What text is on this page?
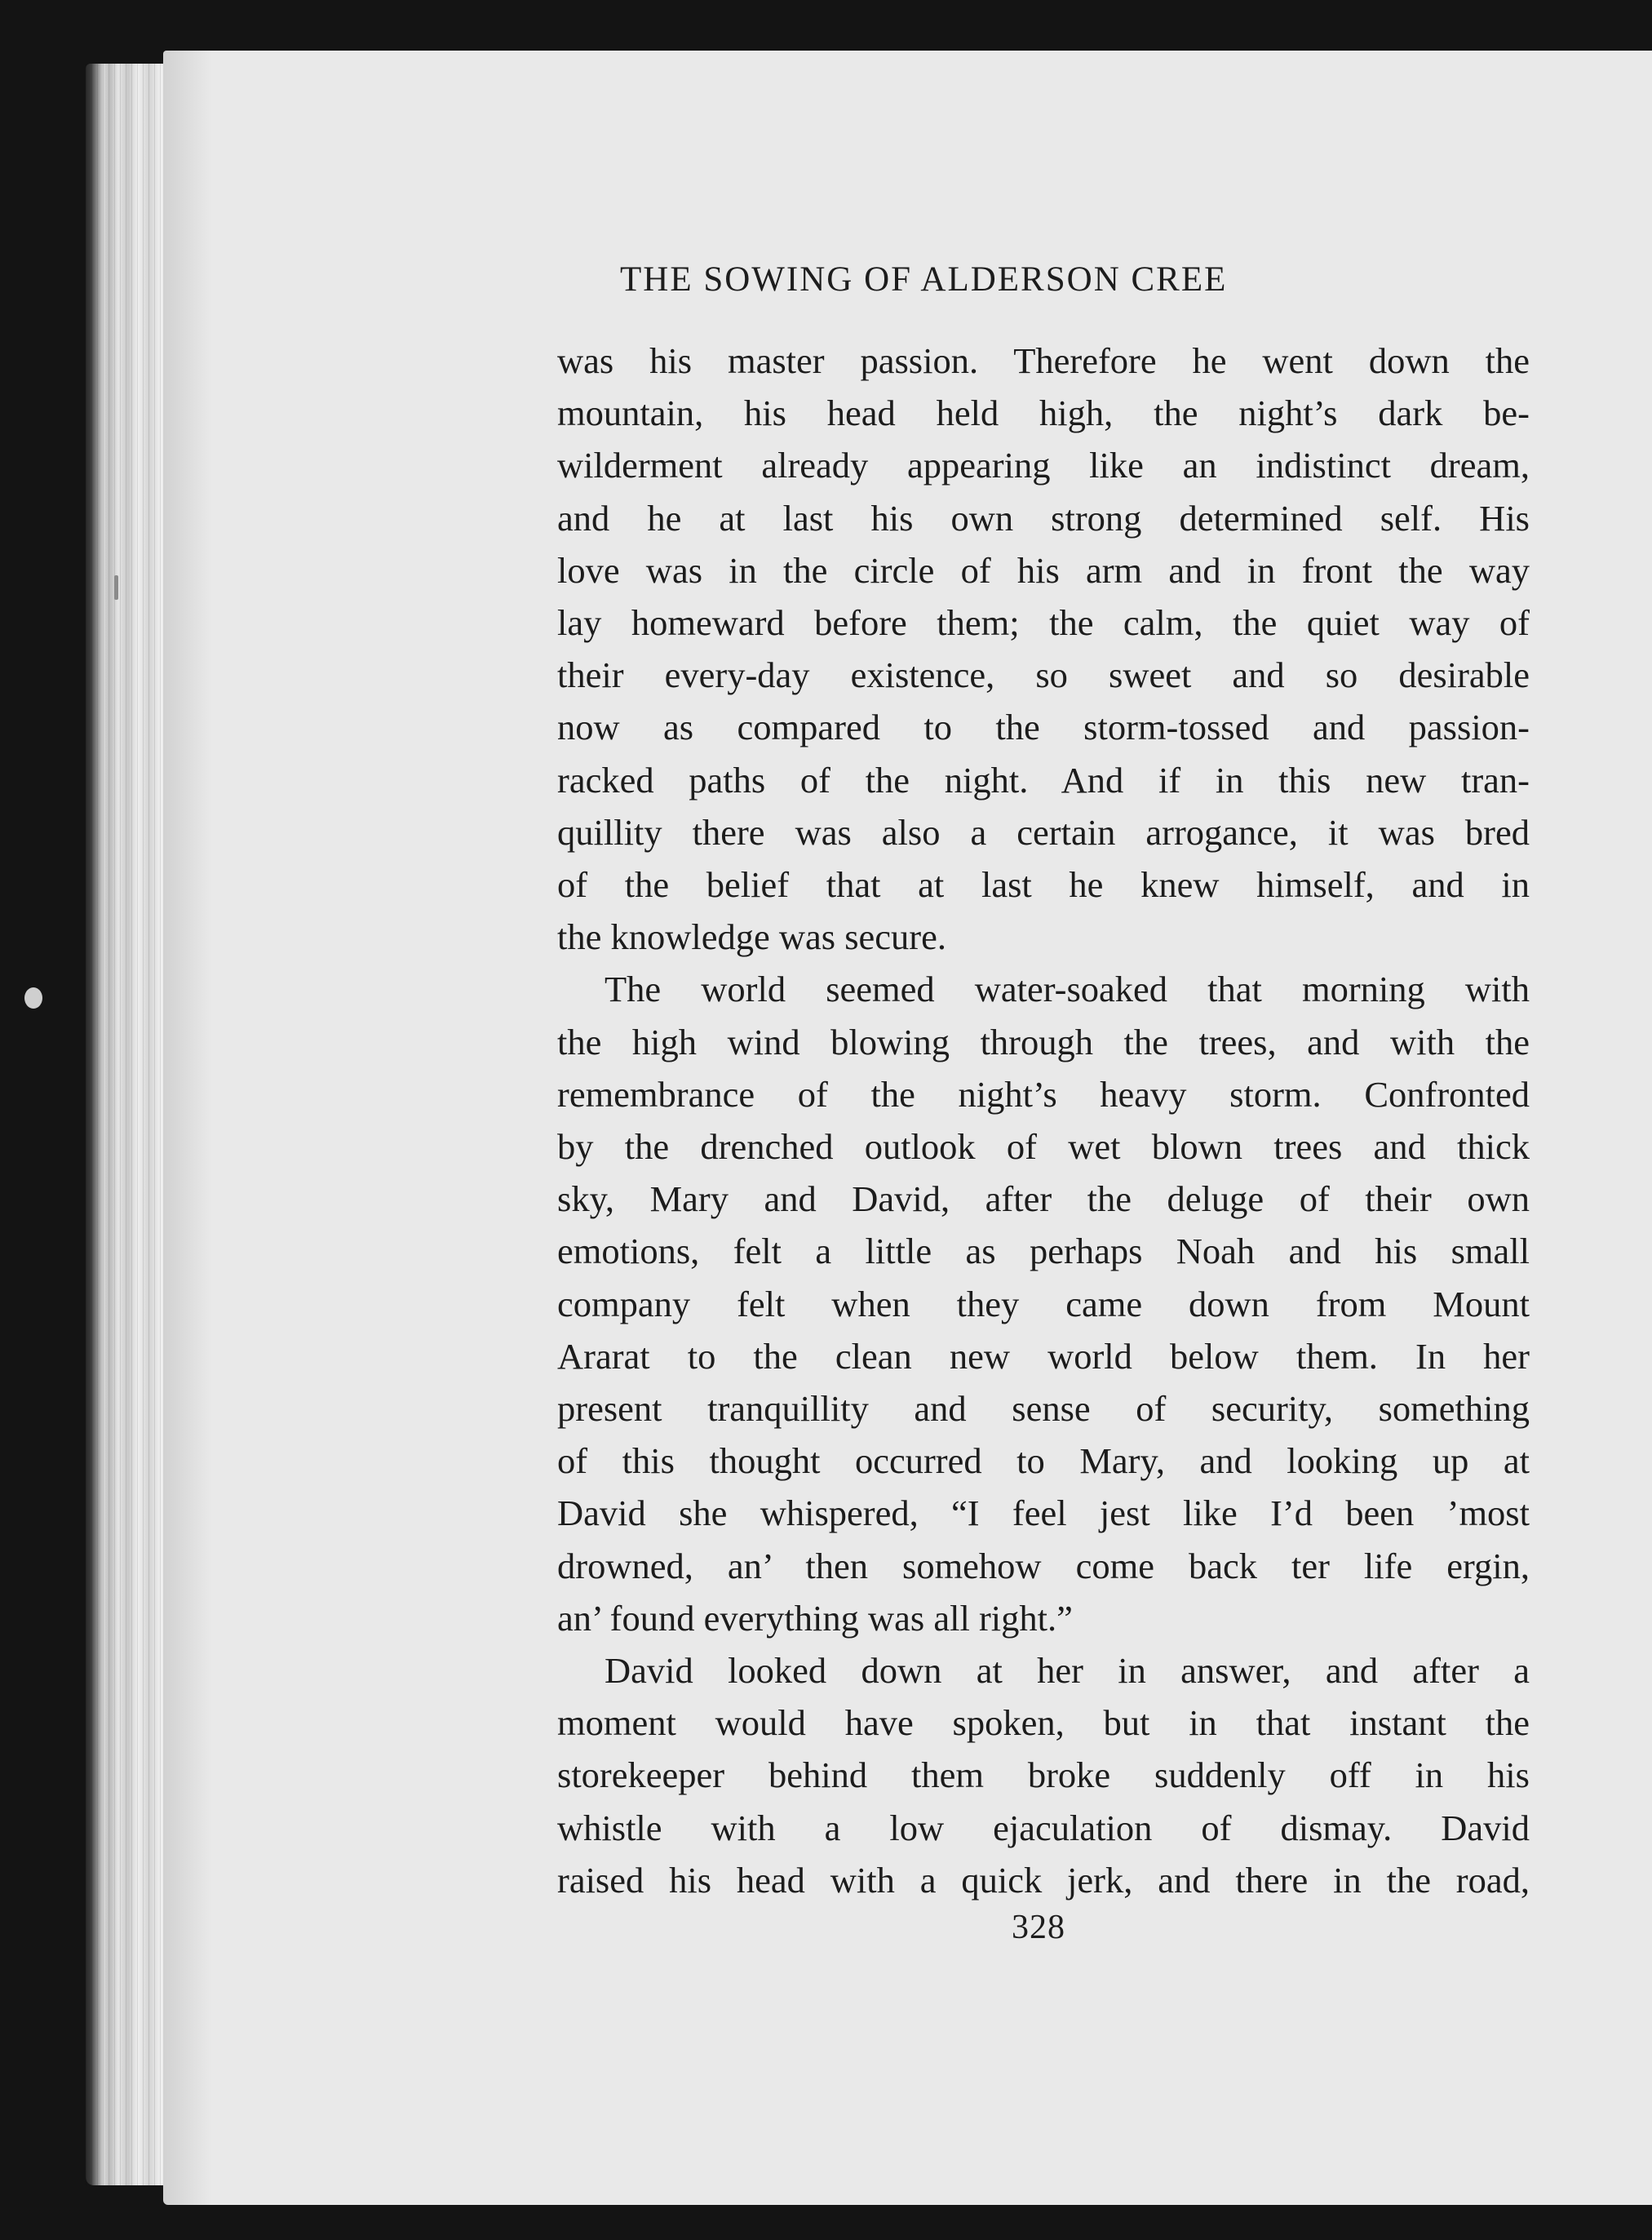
THE SOWING OF ALDERSON CREE

was his master passion. Therefore he went down the

mountain, his head held high, the night’s dark be-

wilderment already appearing like an indistinct dream,

and he at last his own strong determined self. His

love was in the circle of his arm and in front the way

lay homeward before them; the calm, the quiet way of

their every-day existence, so sweet and so desirable

now as compared to the storm-tossed and passion-

racked paths of the night. And if in this new tran-

quillity there was also a certain arrogance, it was bred

of the belief that at last he knew himself, and in

the knowledge was secure.

The world seemed water-soaked that morning with

the high wind blowing through the trees, and with the

remembrance of the night’s heavy storm. Confronted

by the drenched outlook of wet blown trees and thick

sky, Mary and David, after the deluge of their own

emotions, felt a little as perhaps Noah and his small

company felt when they came down from Mount

Ararat to the clean new world below them. In her

present tranquillity and sense of security, something

of this thought occurred to Mary, and looking up at

David she whispered, “I feel jest like I’d been ’most

drowned, an’ then somehow come back ter life ergin,

an’ found everything was all right.”

David looked down at her in answer, and after a

moment would have spoken, but in that instant the

storekeeper behind them broke suddenly off in his

whistle with a low ejaculation of dismay. David

raised his head with a quick jerk, and there in the road,

328
